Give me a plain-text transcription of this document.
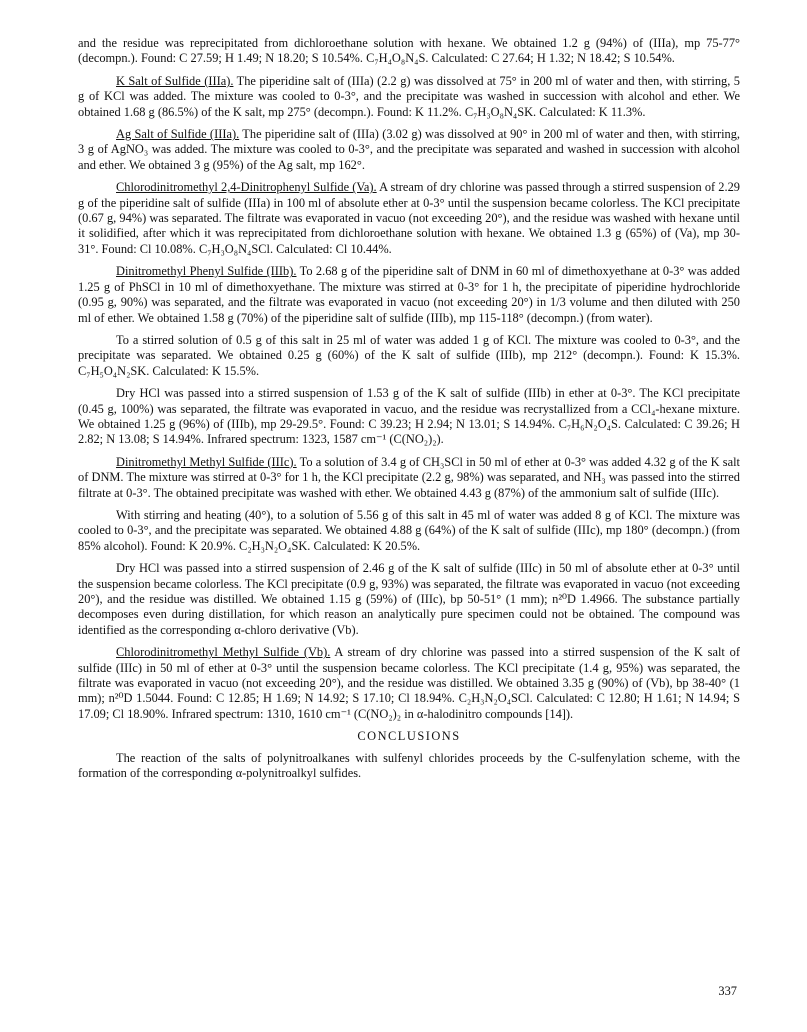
and the residue was reprecipitated from dichloroethane solution with hexane. We obtained 1.2 g (94%) of (IIIa), mp 75-77° (decompn.). Found: C 27.59; H 1.49; N 18.20; S 10.54%. C₇H₄O₈N₄S. Calculated: C 27.64; H 1.32; N 18.42; S 10.54%.

K Salt of Sulfide (IIIa). The piperidine salt of (IIIa) (2.2 g) was dissolved at 75° in 200 ml of water and then, with stirring, 5 g of KCl was added. The mixture was cooled to 0-3°, and the precipitate was washed in succession with alcohol and ether. We obtained 1.68 g (86.5%) of the K salt, mp 275° (decompn.). Found: K 11.2%. C₇H₃O₈N₄SK. Calculated: K 11.3%.

Ag Salt of Sulfide (IIIa). The piperidine salt of (IIIa) (3.02 g) was dissolved at 90° in 200 ml of water and then, with stirring, 3 g of AgNO₃ was added. The mixture was cooled to 0-3°, and the precipitate was separated and washed in succession with alcohol and ether. We obtained 3 g (95%) of the Ag salt, mp 162°.

Chlorodinitromethyl 2,4-Dinitrophenyl Sulfide (Va). A stream of dry chlorine was passed through a stirred suspension of 2.29 g of the piperidine salt of sulfide (IIIa) in 100 ml of absolute ether at 0-3° until the suspension became colorless. The KCl precipitate (0.67 g, 94%) was separated. The filtrate was evaporated in vacuo (not exceeding 20°), and the residue was washed with hexane until it solidified, after which it was reprecipitated from dichloroethane solution with hexane. We obtained 1.3 g (65%) of (Va), mp 30-31°. Found: Cl 10.08%. C₇H₃O₈N₄SCl. Calculated: Cl 10.44%.

Dinitromethyl Phenyl Sulfide (IIIb). To 2.68 g of the piperidine salt of DNM in 60 ml of dimethoxyethane at 0-3° was added 1.25 g of PhSCl in 10 ml of dimethoxyethane. The mixture was stirred at 0-3° for 1 h, the precipitate of piperidine hydrochloride (0.95 g, 90%) was separated, and the filtrate was evaporated in vacuo (not exceeding 20°) in 1/3 volume and then diluted with 250 ml of ether. We obtained 1.58 g (70%) of the piperidine salt of sulfide (IIIb), mp 115-118° (decompn.) (from water).

To a stirred solution of 0.5 g of this salt in 25 ml of water was added 1 g of KCl. The mixture was cooled to 0-3°, and the precipitate was separated. We obtained 0.25 g (60%) of the K salt of sulfide (IIIb), mp 212° (decompn.). Found: K 15.3%. C₇H₅O₄N₂SK. Calculated: K 15.5%.

Dry HCl was passed into a stirred suspension of 1.53 g of the K salt of sulfide (IIIb) in ether at 0-3°. The KCl precipitate (0.45 g, 100%) was separated, the filtrate was evaporated in vacuo, and the residue was recrystallized from a CCl₄-hexane mixture. We obtained 1.25 g (96%) of (IIIb), mp 29-29.5°. Found: C 39.23; H 2.94; N 13.01; S 14.94%. C₇H₆N₂O₄S. Calculated: C 39.26; H 2.82; N 13.08; S 14.94%. Infrared spectrum: 1323, 1587 cm⁻¹ (C(NO₂)₂).

Dinitromethyl Methyl Sulfide (IIIc). To a solution of 3.4 g of CH₃SCl in 50 ml of ether at 0-3° was added 4.32 g of the K salt of DNM. The mixture was stirred at 0-3° for 1 h, the KCl precipitate (2.2 g, 98%) was separated, and NH₃ was passed into the stirred filtrate at 0-3°. The obtained precipitate was washed with ether. We obtained 4.43 g (87%) of the ammonium salt of sulfide (IIIc).

With stirring and heating (40°), to a solution of 5.56 g of this salt in 45 ml of water was added 8 g of KCl. The mixture was cooled to 0-3°, and the precipitate was separated. We obtained 4.88 g (64%) of the K salt of sulfide (IIIc), mp 180° (decompn.) (from 85% alcohol). Found: K 20.9%. C₂H₃N₂O₄SK. Calculated: K 20.5%.

Dry HCl was passed into a stirred suspension of 2.46 g of the K salt of sulfide (IIIc) in 50 ml of absolute ether at 0-3° until the suspension became colorless. The KCl precipitate (0.9 g, 93%) was separated, the filtrate was evaporated in vacuo (not exceeding 20°), and the residue was distilled. We obtained 1.15 g (59%) of (IIIc), bp 50-51° (1 mm); n²⁰D 1.4966. The substance partially decomposes even during distillation, for which reason an analytically pure specimen could not be obtained. The compound was identified as the corresponding α-chloro derivative (Vb).

Chlorodinitromethyl Methyl Sulfide (Vb). A stream of dry chlorine was passed into a stirred suspension of the K salt of sulfide (IIIc) in 50 ml of ether at 0-3° until the suspension became colorless. The KCl precipitate (1.4 g, 95%) was separated, the filtrate was evaporated in vacuo (not exceeding 20°), and the residue was distilled. We obtained 3.35 g (90%) of (Vb), bp 38-40° (1 mm); n²⁰D 1.5044. Found: C 12.85; H 1.69; N 14.92; S 17.10; Cl 18.94%. C₂H₃N₂O₄SCl. Calculated: C 12.80; H 1.61; N 14.94; S 17.09; Cl 18.90%. Infrared spectrum: 1310, 1610 cm⁻¹ (C(NO₂)₂ in α-halodinitro compounds [14]).

CONCLUSIONS

The reaction of the salts of polynitroalkanes with sulfenyl chlorides proceeds by the C-sulfenylation scheme, with the formation of the corresponding α-polynitroalkyl sulfides.

337
